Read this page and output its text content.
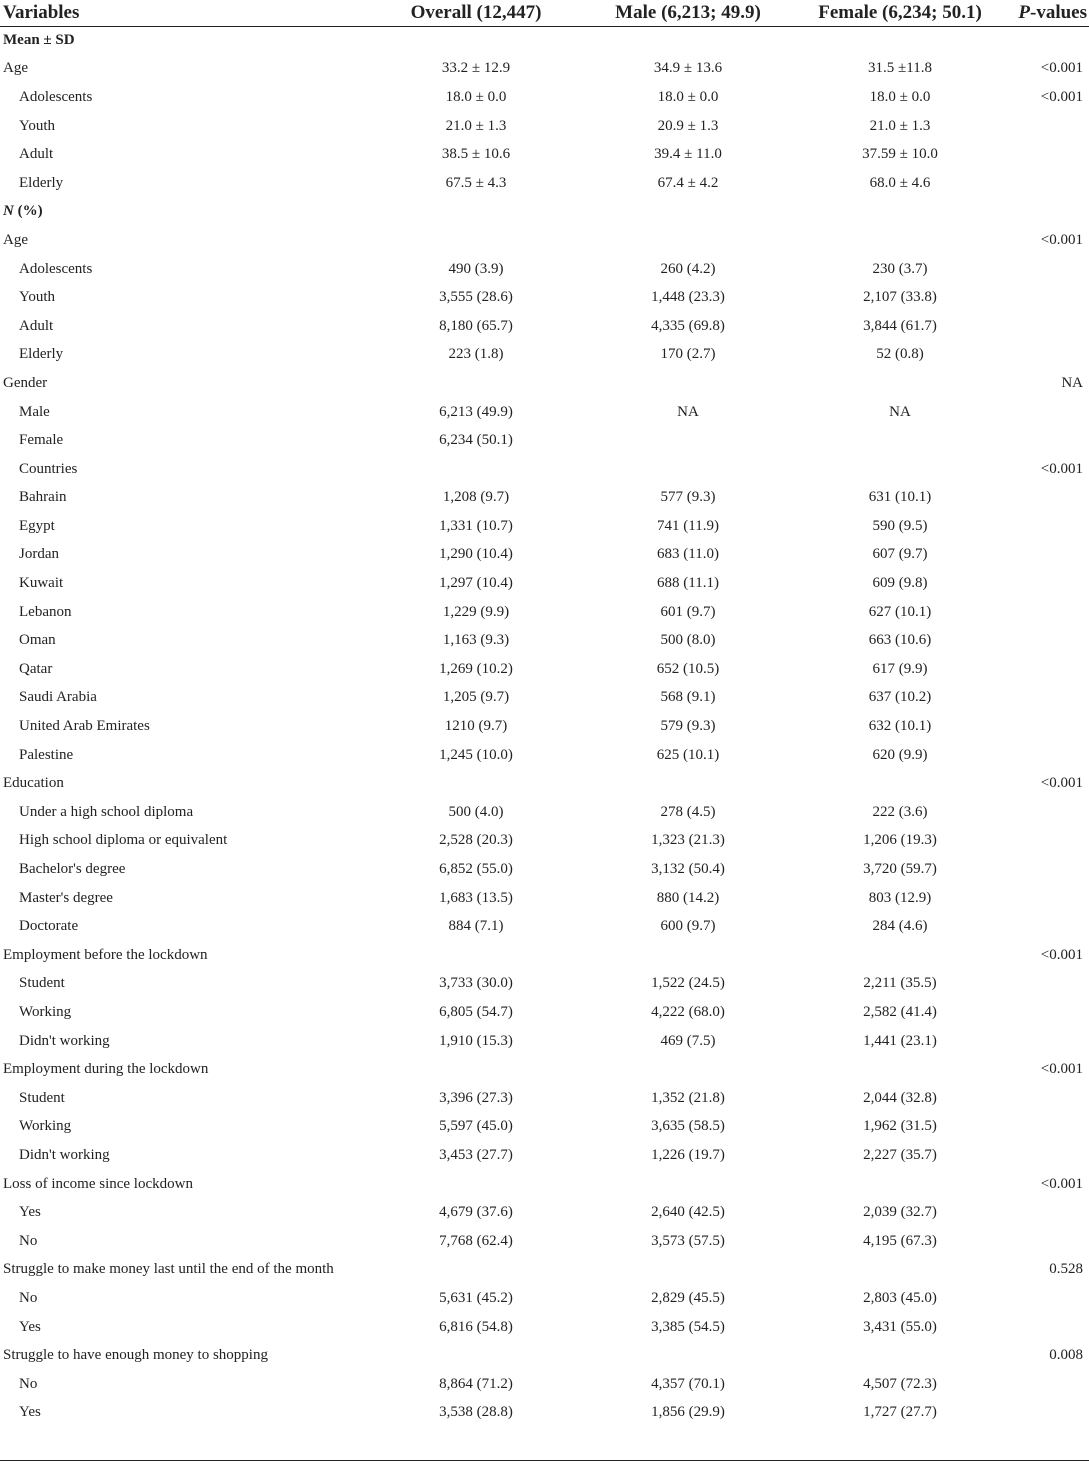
Variables	Overall (12,447)	Male (6,213; 49.9)	Female (6,234; 50.1)	P-values
Mean ± SD				
Age	33.2 ± 12.9	34.9 ± 13.6	31.5 ±11.8	<0.001
Adolescents	18.0 ± 0.0	18.0 ± 0.0	18.0 ± 0.0	<0.001
Youth	21.0 ± 1.3	20.9 ± 1.3	21.0 ± 1.3	
Adult	38.5 ± 10.6	39.4 ± 11.0	37.59 ± 10.0	
Elderly	67.5 ± 4.3	67.4 ± 4.2	68.0 ± 4.6	
N (%)				
Age				<0.001
Adolescents	490 (3.9)	260 (4.2)	230 (3.7)	
Youth	3,555 (28.6)	1,448 (23.3)	2,107 (33.8)	
Adult	8,180 (65.7)	4,335 (69.8)	3,844 (61.7)	
Elderly	223 (1.8)	170 (2.7)	52 (0.8)	
Gender				NA
Male	6,213 (49.9)	NA	NA	
Female	6,234 (50.1)			
Countries				<0.001
Bahrain	1,208 (9.7)	577 (9.3)	631 (10.1)	
Egypt	1,331 (10.7)	741 (11.9)	590 (9.5)	
Jordan	1,290 (10.4)	683 (11.0)	607 (9.7)	
Kuwait	1,297 (10.4)	688 (11.1)	609 (9.8)	
Lebanon	1,229 (9.9)	601 (9.7)	627 (10.1)	
Oman	1,163 (9.3)	500 (8.0)	663 (10.6)	
Qatar	1,269 (10.2)	652 (10.5)	617 (9.9)	
Saudi Arabia	1,205 (9.7)	568 (9.1)	637 (10.2)	
United Arab Emirates	1210 (9.7)	579 (9.3)	632 (10.1)	
Palestine	1,245 (10.0)	625 (10.1)	620 (9.9)	
Education				<0.001
Under a high school diploma	500 (4.0)	278 (4.5)	222 (3.6)	
High school diploma or equivalent	2,528 (20.3)	1,323 (21.3)	1,206 (19.3)	
Bachelor's degree	6,852 (55.0)	3,132 (50.4)	3,720 (59.7)	
Master's degree	1,683 (13.5)	880 (14.2)	803 (12.9)	
Doctorate	884 (7.1)	600 (9.7)	284 (4.6)	
Employment before the lockdown				<0.001
Student	3,733 (30.0)	1,522 (24.5)	2,211 (35.5)	
Working	6,805 (54.7)	4,222 (68.0)	2,582 (41.4)	
Didn't working	1,910 (15.3)	469 (7.5)	1,441 (23.1)	
Employment during the lockdown				<0.001
Student	3,396 (27.3)	1,352 (21.8)	2,044 (32.8)	
Working	5,597 (45.0)	3,635 (58.5)	1,962 (31.5)	
Didn't working	3,453 (27.7)	1,226 (19.7)	2,227 (35.7)	
Loss of income since lockdown				<0.001
Yes	4,679 (37.6)	2,640 (42.5)	2,039 (32.7)	
No	7,768 (62.4)	3,573 (57.5)	4,195 (67.3)	
Struggle to make money last until the end of the month				0.528
No	5,631 (45.2)	2,829 (45.5)	2,803 (45.0)	
Yes	6,816 (54.8)	3,385 (54.5)	3,431 (55.0)	
Struggle to have enough money to shopping				0.008
No	8,864 (71.2)	4,357 (70.1)	4,507 (72.3)	
Yes	3,538 (28.8)	1,856 (29.9)	1,727 (27.7)	
